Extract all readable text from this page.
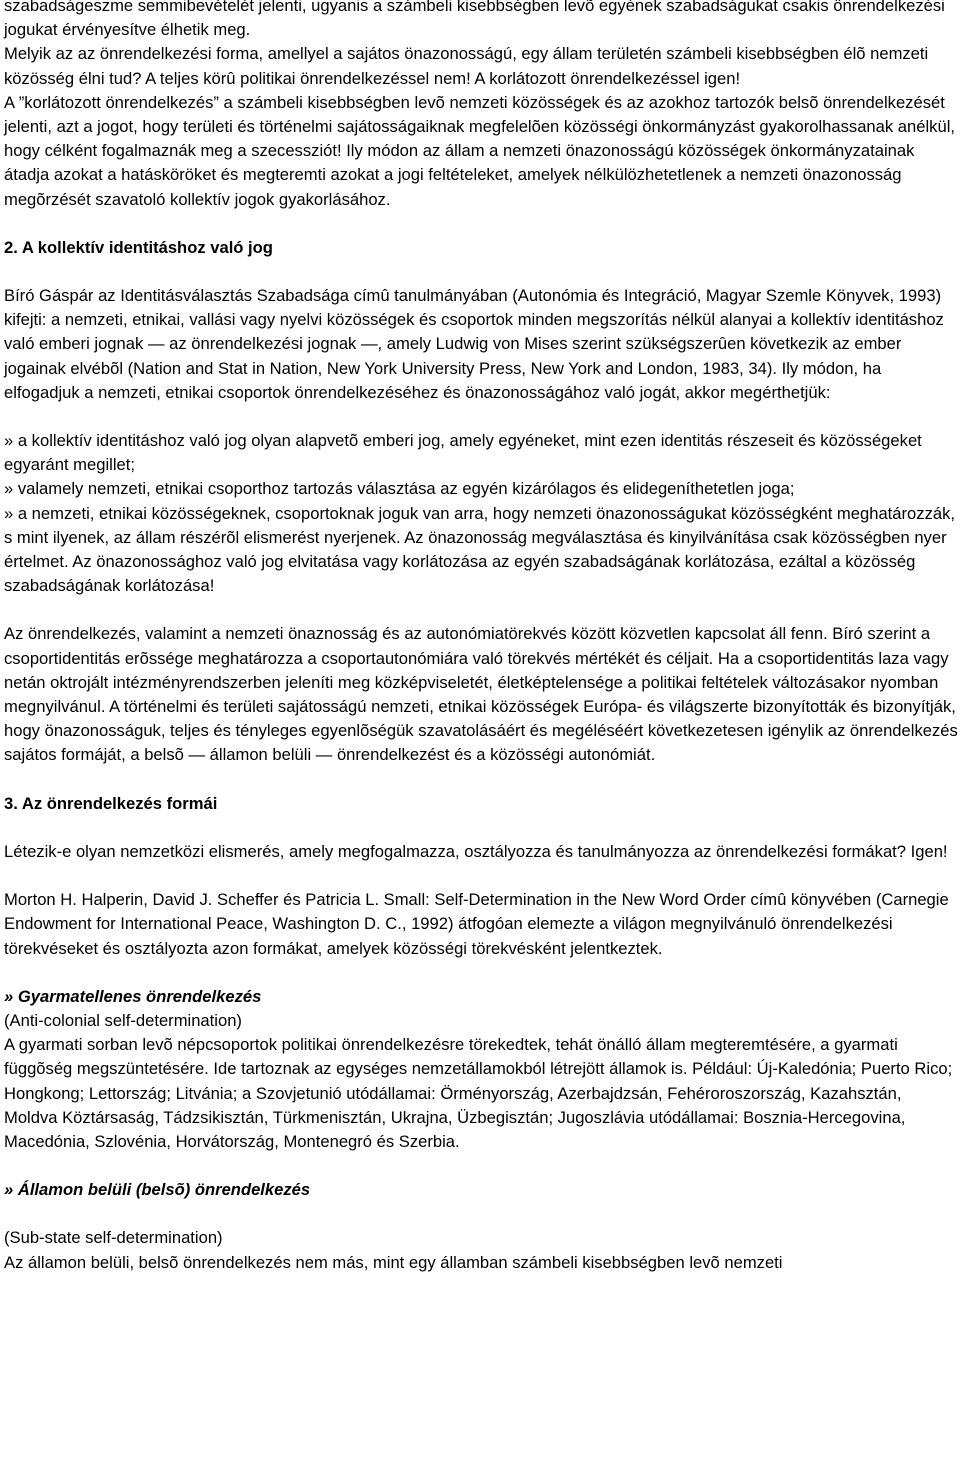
szabadságeszme semmibevételét jelenti, ugyanis a számbeli kisebbségben levõ egyének szabadságukat csakis önrendelkezési jogukat érvényesítve élhetik meg.

Melyik az az önrendelkezési forma, amellyel a sajátos önazonosságú, egy állam területén számbeli kisebbségben élõ nemzeti közösség élni tud? A teljes körû politikai önrendelkezéssel nem! A korlátozott önrendelkezéssel igen!

A ”korlátozott önrendelkezés” a számbeli kisebbségben levõ nemzeti közösségek és az azokhoz tartozók belsõ önrendelkezését jelenti, azt a jogot, hogy területi és történelmi sajátosságaiknak megfelelõen közösségi önkormányzást gyakorolhassanak anélkül, hogy célként fogalmaznák meg a szecessziót! Ily módon az állam a nemzeti önazonosságú közösségek önkormányzatainak átadja azokat a hatásköröket és megteremti azokat a jogi feltételeket, amelyek nélkülözhetetlenek a nemzeti önazonosság megõrzését szavatoló kollektív jogok gyakorlásához.

2. A kollektív identitáshoz való jog

Bíró Gáspár az Identitásválasztás Szabadsága címû tanulmányában (Autonómia és Integráció, Magyar Szemle Könyvek, 1993) kifejti: a nemzeti, etnikai, vallási vagy nyelvi közösségek és csoportok minden megszorítás nélkül alanyai a kollektív identitáshoz való emberi jognak — az önrendelkezési jognak —, amely Ludwig von Mises szerint szükségszerûen következik az ember jogainak elvébõl (Nation and Stat in Nation, New York University Press, New York and London, 1983, 34). Ily módon, ha elfogadjuk a nemzeti, etnikai csoportok önrendelkezéséhez és önazonosságához való jogát, akkor megérthetjük:

» a kollektív identitáshoz való jog olyan alapvetõ emberi jog, amely egyéneket, mint ezen identitás részeseit és közösségeket egyaránt megillet;

» valamely nemzeti, etnikai csoporthoz tartozás választása az egyén kizárólagos és elidegeníthetetlen joga;

» a nemzeti, etnikai közösségeknek, csoportoknak joguk van arra, hogy nemzeti önazonosságukat közösségként meghatározzák, s mint ilyenek, az állam részérõl elismerést nyerjenek. Az önazonosság megválasztása és kinyilvánítása csak közösségben nyer értelmet. Az önazonossághoz való jog elvitatása vagy korlátozása az egyén szabadságának korlátozása, ezáltal a közösség szabadságának korlátozása!

Az önrendelkezés, valamint a nemzeti önaznosság és az autonómiatörekvés között közvetlen kapcsolat áll fenn. Bíró szerint a csoportidentitás erõssége meghatározza a csoportautonómiára való törekvés mértékét és céljait. Ha a csoportidentitás laza vagy netán oktrojált intézményrendszerben jeleníti meg közképviseletét, életképtelensége a politikai feltételek változásakor nyomban megnyilvánul. A történelmi és területi sajátosságú nemzeti, etnikai közösségek Európa- és világszerte bizonyították és bizonyítják, hogy önazonosságuk, teljes és tényleges egyenlõségük szavatolásáért és megéléséért következetesen igénylik az önrendelkezés sajátos formáját, a belsõ — államon belüli — önrendelkezést és a közösségi autonómiát.

3. Az önrendelkezés formái

Létezik-e olyan nemzetközi elismerés, amely megfogalmazza, osztályozza és tanulmányozza az önrendelkezési formákat? Igen!

Morton H. Halperin, David J. Scheffer és Patricia L. Small: Self-Determination in the New Word Order címû könyvében (Carnegie Endowment for International Peace, Washington D. C., 1992) átfogóan elemezte a világon megnyilvánuló önrendelkezési törekvéseket és osztályozta azon formákat, amelyek közösségi törekvésként jelentkeztek.

» Gyarmatellenes önrendelkezés

(Anti-colonial self-determination)

A gyarmati sorban levõ népcsoportok politikai önrendelkezésre törekedtek, tehát önálló állam megteremtésére, a gyarmati függõség megszüntetésére. Ide tartoznak az egységes nemzetállamokból létrejött államok is. Például: Új-Kaledónia; Puerto Rico; Hongkong; Lettország; Litvánia; a Szovjetunió utódállamai: Örményország, Azerbajdzsán, Fehéroroszország, Kazahsztán, Moldva Köztársaság, Tádzsikisztán, Türkmenisztán, Ukrajna, Üzbegisztán; Jugoszlávia utódállamai: Bosznia-Hercegovina, Macedónia, Szlovénia, Horvátország, Montenegró és Szerbia.

» Államon belüli (belsõ) önrendelkezés

(Sub-state self-determination)

Az államon belüli, belsõ önrendelkezés nem más, mint egy államban számbeli kisebbségben levõ nemzeti
